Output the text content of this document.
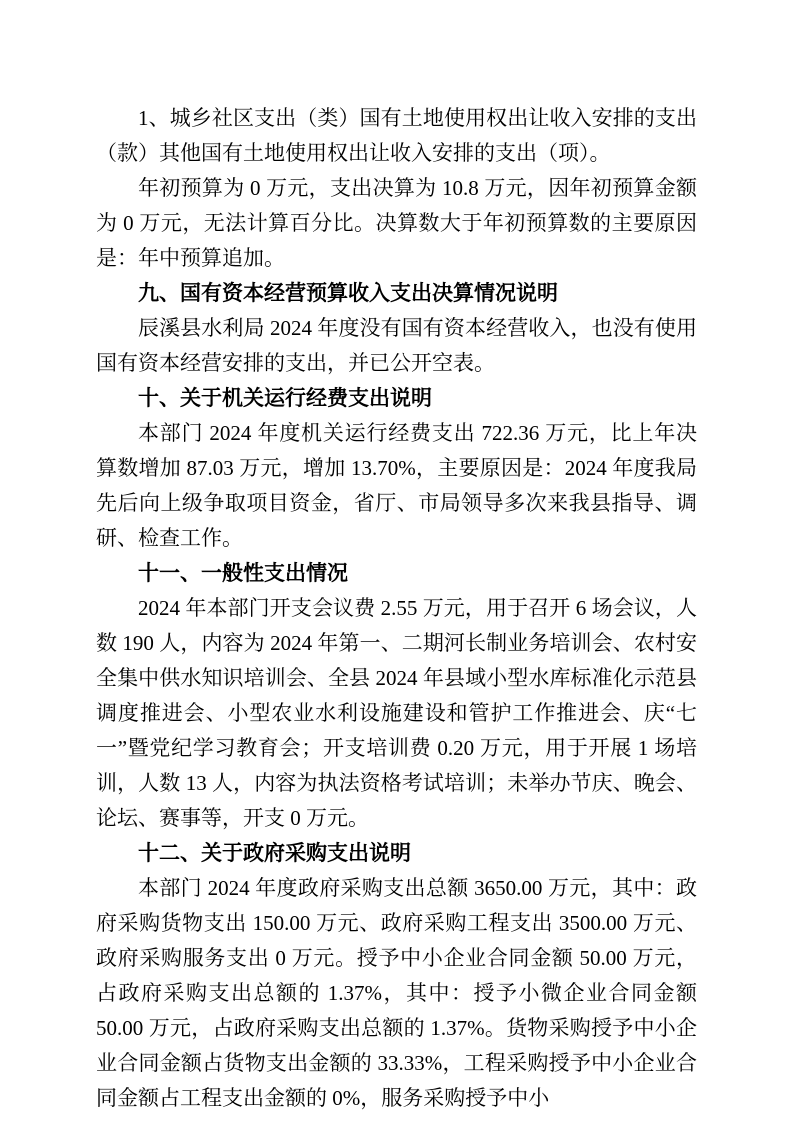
1、城乡社区支出（类）国有土地使用权出让收入安排的支出（款）其他国有土地使用权出让收入安排的支出（项）。

年初预算为 0 万元，支出决算为 10.8 万元，因年初预算金额为 0 万元，无法计算百分比。决算数大于年初预算数的主要原因是：年中预算追加。

九、国有资本经营预算收入支出决算情况说明

辰溪县水利局 2024 年度没有国有资本经营收入，也没有使用国有资本经营安排的支出，并已公开空表。

十、关于机关运行经费支出说明

本部门 2024 年度机关运行经费支出 722.36 万元，比上年决算数增加 87.03 万元，增加 13.70%，主要原因是：2024 年度我局先后向上级争取项目资金，省厅、市局领导多次来我县指导、调研、检查工作。

十一、一般性支出情况

2024 年本部门开支会议费 2.55 万元，用于召开 6 场会议，人数 190 人，内容为 2024 年第一、二期河长制业务培训会、农村安全集中供水知识培训会、全县 2024 年县域小型水库标准化示范县调度推进会、小型农业水利设施建设和管护工作推进会、庆“七一”暨党纪学习教育会；开支培训费 0.20 万元，用于开展 1 场培训，人数 13 人，内容为执法资格考试培训；未举办节庆、晚会、论坛、赛事等，开支 0 万元。

十二、关于政府采购支出说明

本部门 2024 年度政府采购支出总额 3650.00 万元，其中：政府采购货物支出 150.00 万元、政府采购工程支出 3500.00 万元、政府采购服务支出 0 万元。授予中小企业合同金额 50.00 万元，占政府采购支出总额的 1.37%，其中：授予小微企业合同金额 50.00 万元，占政府采购支出总额的 1.37%。货物采购授予中小企业合同金额占货物支出金额的 33.33%，工程采购授予中小企业合同金额占工程支出金额的 0%，服务采购授予中小
